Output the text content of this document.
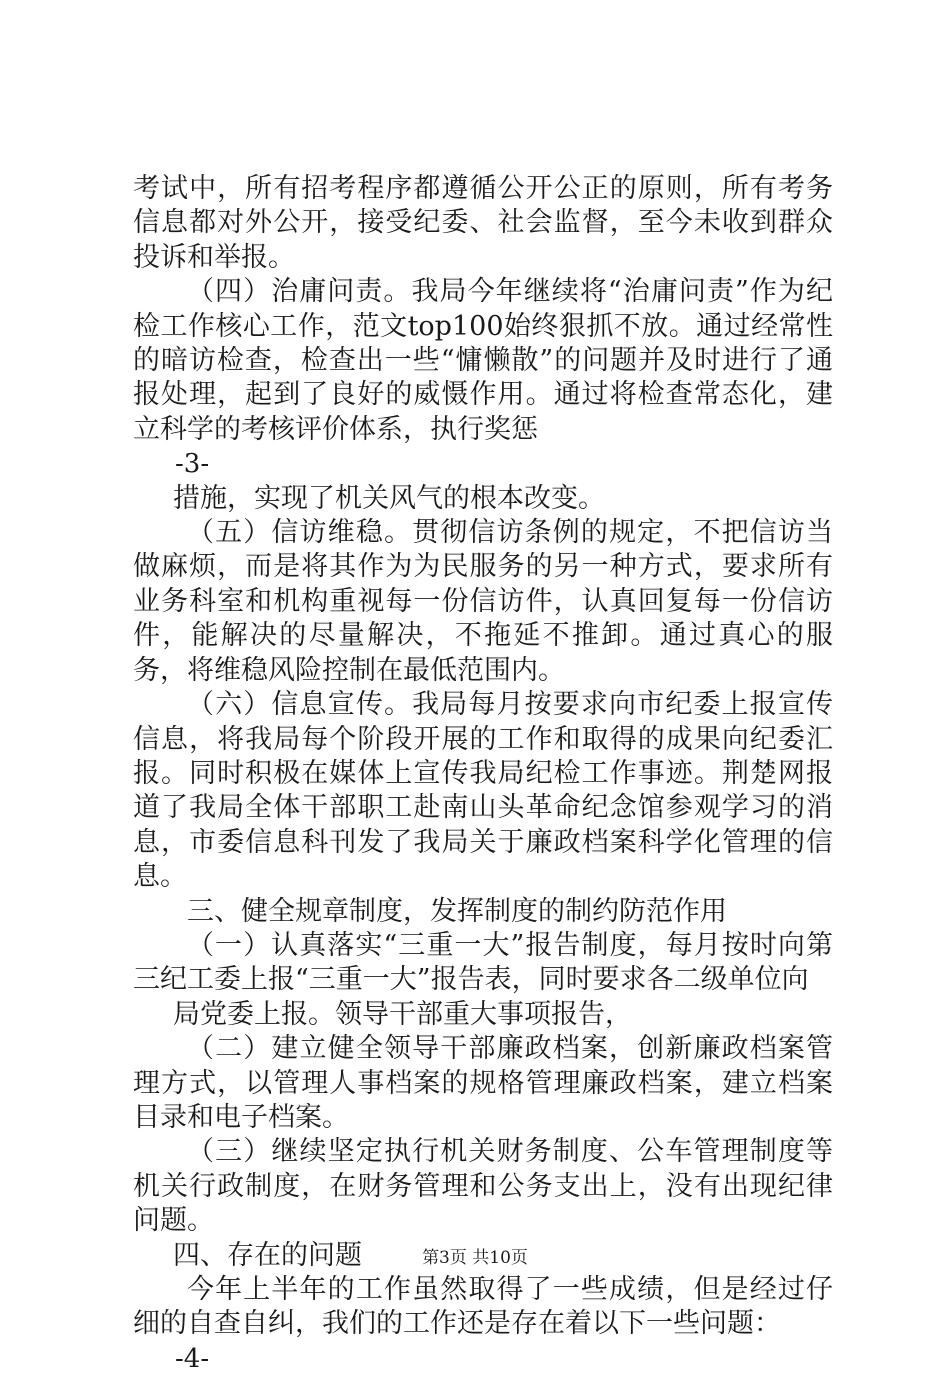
考试中，所有招考程序都遵循公开公正的原则，所有考务信息都对外公开，接受纪委、社会监督，至今未收到群众投诉和举报。

（四）治庸问责。我局今年继续将“治庸问责”作为纪检工作核心工作，范文top100始终狠抓不放。通过经常性的暗访检查，检查出一些“慵懒散”的问题并及时进行了通报处理，起到了良好的威慑作用。通过将检查常态化，建立科学的考核评价体系，执行奖惩

-3-

措施，实现了机关风气的根本改变。

（五）信访维稳。贯彻信访条例的规定，不把信访当做麻烦，而是将其作为为民服务的另一种方式，要求所有业务科室和机构重视每一份信访件，认真回复每一份信访件，能解决的尽量解决，不拖延不推卸。通过真心的服务，将维稳风险控制在最低范围内。

（六）信息宣传。我局每月按要求向市纪委上报宣传信息，将我局每个阶段开展的工作和取得的成果向纪委汇报。同时积极在媒体上宣传我局纪检工作事迹。荆楚网报道了我局全体干部职工赴南山头革命纪念馆参观学习的消息，市委信息科刊发了我局关于廉政档案科学化管理的信息。

三、健全规章制度，发挥制度的制约防范作用

（一）认真落实“三重一大”报告制度，每月按时向第三纪工委上报“三重一大”报告表，同时要求各二级单位向

局党委上报。领导干部重大事项报告，

（二）建立健全领导干部廉政档案，创新廉政档案管理方式，以管理人事档案的规格管理廉政档案，建立档案目录和电子档案。

（三）继续坚定执行机关财务制度、公车管理制度等机关行政制度，在财务管理和公务支出上，没有出现纪律问题。

四、存在的问题

今年上半年的工作虽然取得了一些成绩，但是经过仔细的自查自纠，我们的工作还是存在着以下一些问题：

-4-

第3页 共10页
